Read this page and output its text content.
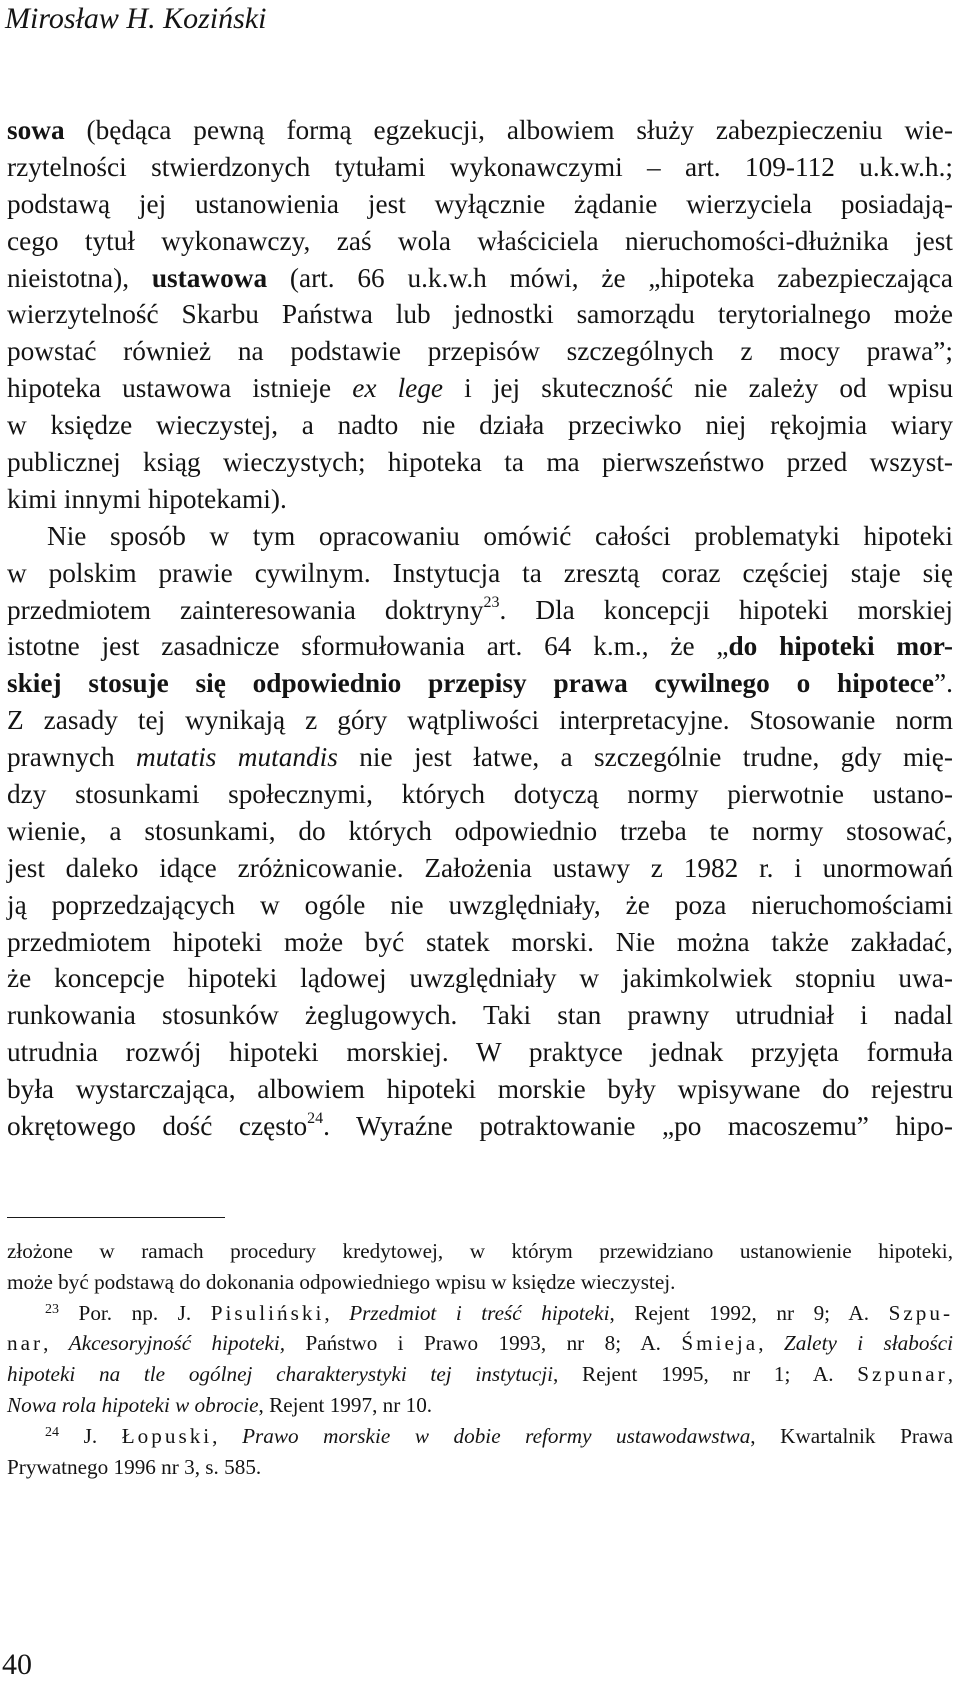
Mirosław H. Koziński
sowa (będąca pewną formą egzekucji, albowiem służy zabezpieczeniu wie-
rzytelności stwierdzonych tytułami wykonawczymi – art. 109-112 u.k.w.h.;
podstawą jej ustanowienia jest wyłącznie żądanie wierzyciela posiadają-
cego tytuł wykonawczy, zaś wola właściciela nieruchomości-dłużnika jest
nieistotna), ustawowa (art. 66 u.k.w.h mówi, że „hipoteka zabezpieczająca
wierzytelność Skarbu Państwa lub jednostki samorządu terytorialnego może
powstać również na podstawie przepisów szczególnych z mocy prawa”;
hipoteka ustawowa istnieje ex lege i jej skuteczność nie zależy od wpisu
w księdze wieczystej, a nadto nie działa przeciwko niej rękojmia wiary
publicznej ksiąg wieczystych; hipoteka ta ma pierwszeństwo przed wszyst-
kimi innymi hipotekami).
Nie sposób w tym opracowaniu omówić całości problematyki hipoteki
w polskim prawie cywilnym. Instytucja ta zresztą coraz częściej staje się
przedmiotem zainteresowania doktryny$^{23}$. Dla koncepcji hipoteki morskiej
istotne jest zasadnicze sformułowania art. 64 k.m., że „do hipoteki mor-
skiej stosuje się odpowiednio przepisy prawa cywilnego o hipotece”.
Z zasady tej wynikają z góry wątpliwości interpretacyjne. Stosowanie norm
prawnych mutatis mutandis nie jest łatwe, a szczególnie trudne, gdy mię-
dzy stosunkami społecznymi, których dotyczą normy pierwotnie ustano-
wienie, a stosunkami, do których odpowiednio trzeba te normy stosować,
jest daleko idące zróżnicowanie. Założenia ustawy z 1982 r. i unormowań
ją poprzedzających w ogóle nie uwzględniały, że poza nieruchomościami
przedmiotem hipoteki może być statek morski. Nie można także zakładać,
że koncepcje hipoteki lądowej uwzględniały w jakimkolwiek stopniu uwa-
runkowania stosunków żeglugowych. Taki stan prawny utrudniał i nadal
utrudnia rozwój hipoteki morskiej. W praktyce jednak przyjęta formuła
była wystarczająca, albowiem hipoteki morskie były wpisywane do rejestru
okrętowego dość często$^{24}$. Wyraźne potraktowanie „po macoszemu” hipo-
złożone w ramach procedury kredytowej, w którym przewidziano ustanowienie hipoteki,
może być podstawą do dokonania odpowiedniego wpisu w księdze wieczystej.
$^{23}$ Por. np. J. Pisuliński, Przedmiot i treść hipoteki, Rejent 1992, nr 9; A. Szpu-
nar, Akcesoryjność hipoteki, Państwo i Prawo 1993, nr 8; A. Śmieja, Zalety i słabości
hipoteki na tle ogólnej charakterystyki tej instytucji, Rejent 1995, nr 1; A. Szpunar,
Nowa rola hipoteki w obrocie, Rejent 1997, nr 10.
$^{24}$ J. Łopuski, Prawo morskie w dobie reformy ustawodawstwa, Kwartalnik Prawa
Prywatnego 1996 nr 3, s. 585.
40
